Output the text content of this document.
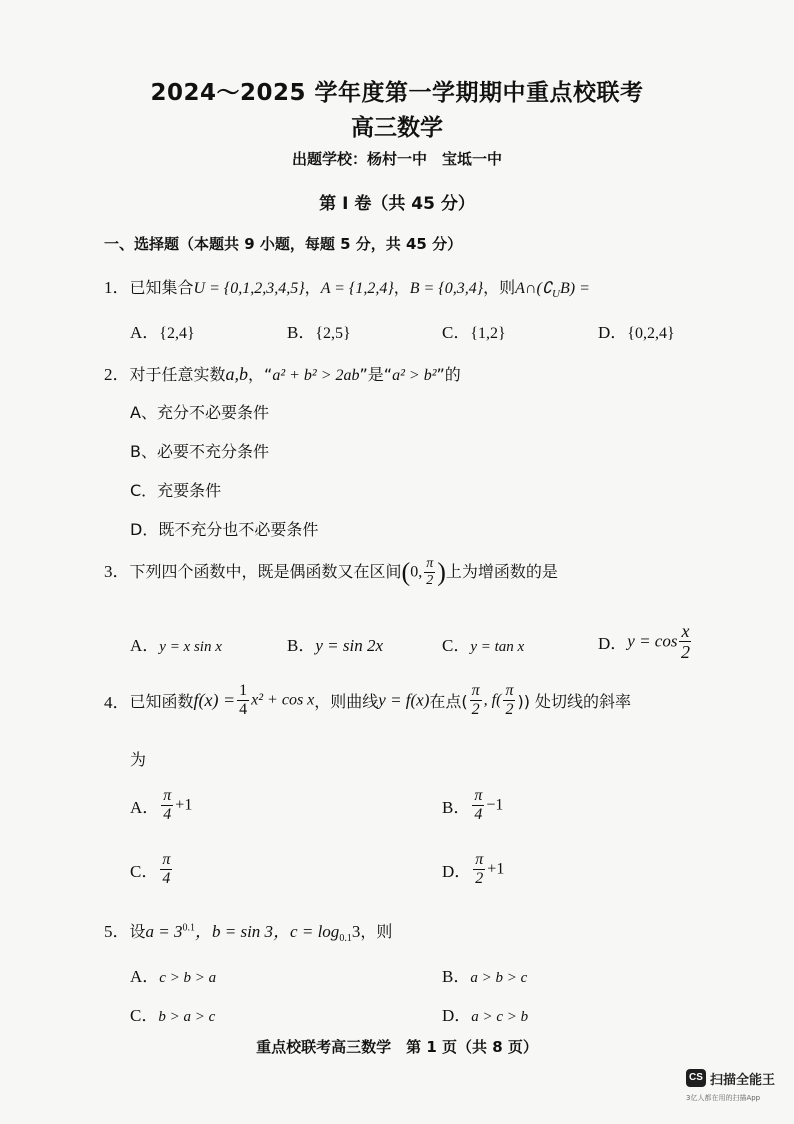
2024～2025 学年度第一学期期中重点校联考
高三数学
出题学校：杨村一中　宝坻一中
第 Ⅰ 卷（共 45 分）
一、选择题（本题共 9 小题，每题 5 分，共 45 分）
1．已知集合U = {0,1,2,3,4,5}，A = {1,2,4}，B = {0,3,4}，则$A\cap(∁_UB)$ =
A．{2,4}	B．{2,5}	C．{1,2}	D．{0,2,4}
2．对于任意实数a,b，“a² + b² > 2ab”是“a² > b²”的
A、充分不必要条件
B、必要不充分条件
C．充要条件
D．既不充分也不必要条件
3．下列四个函数中，既是偶函数又在区间(0, $\frac{\pi}{2}$ )上为增函数的是
A．y = x sin x	B．y = sin 2x	C．y = tan x	D．$y = \cos \frac{x}{2}$
4．已知函数$f(x) = \frac{1}{4} x^2 + \cos x$，则曲线y = f(x)在点( $\frac{\pi}{2}$ , $f( \frac{\pi}{2}$ )) 处切线的斜率
为
A． $\frac{\pi}{4} +1$	B． $\frac{\pi}{4} -1$
C． $\frac{\pi}{4}$	D． $\frac{\pi}{2} +1$
5．设$a = 3^{0.1}$，b = sin 3，$c = \log_{0.1}3$，则
A．c > b > a	B．a > b > c
C．b > a > c	D．a > c > b
重点校联考高三数学　第 1 页（共 8 页）
CS 扫描全能王
3亿人都在用的扫描App
